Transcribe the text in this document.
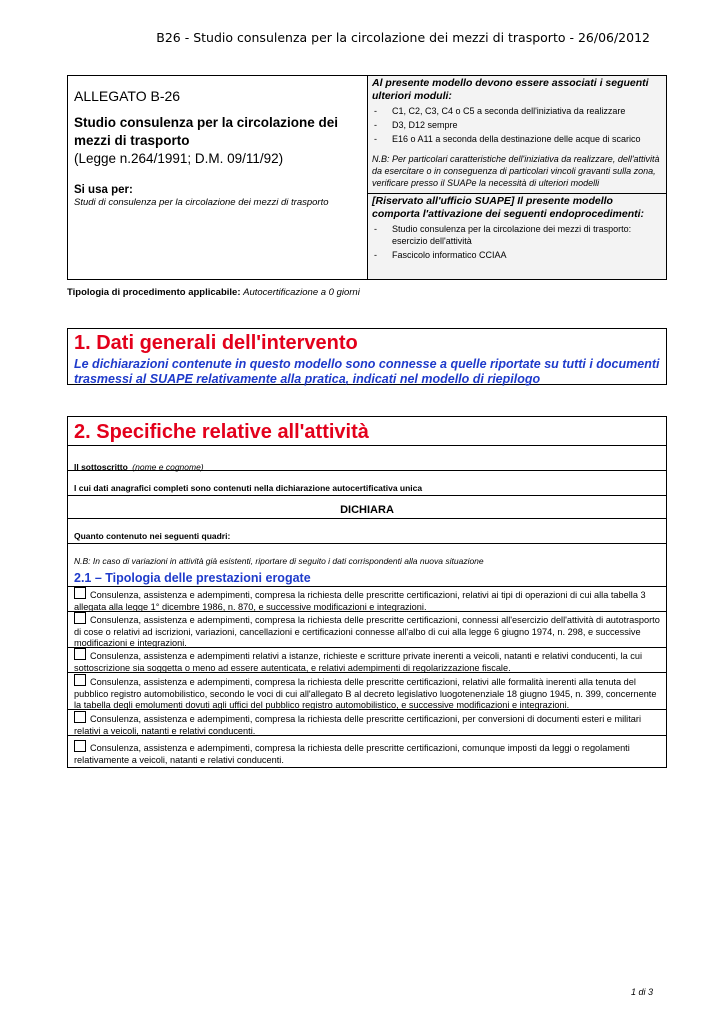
B26 - Studio consulenza per la circolazione dei mezzi di trasporto - 26/06/2012
ALLEGATO B-26
Studio consulenza per la circolazione dei mezzi di trasporto
(Legge n.264/1991; D.M. 09/11/92)
Si usa per:
Studi di consulenza per la circolazione dei mezzi di trasporto
Al presente modello devono essere associati i seguenti ulteriori moduli:
- C1, C2, C3, C4 o C5 a seconda dell'iniziativa da realizzare
- D3, D12 sempre
- E16 o A11 a seconda della destinazione delle acque di scarico
N.B: Per particolari caratteristiche dell'iniziativa da realizzare, dell'attività da esercitare o in conseguenza di particolari vincoli gravanti sulla zona, verificare presso il SUAPe la necessità di ulteriori modelli
[Riservato all'ufficio SUAPE] Il presente modello comporta l'attivazione dei seguenti endoprocedimenti:
- Studio consulenza per la circolazione dei mezzi di trasporto: esercizio dell'attività
- Fascicolo informatico CCIAA
Tipologia di procedimento applicabile: Autocertificazione a 0 giorni
1. Dati generali dell'intervento
Le dichiarazioni contenute in questo modello sono connesse a quelle riportate su tutti i documenti trasmessi al SUAPE relativamente alla pratica, indicati nel modello di riepilogo
2. Specifiche relative all'attività
Il sottoscritto (nome e cognome)
I cui dati anagrafici completi sono contenuti nella dichiarazione autocertificativa unica
DICHIARA
Quanto contenuto nei seguenti quadri:
N.B: In caso di variazioni in attività già esistenti, riportare di seguito i dati corrispondenti alla nuova situazione
2.1 – Tipologia delle prestazioni erogate
Consulenza, assistenza e adempimenti, compresa la richiesta delle prescritte certificazioni, relativi ai tipi di operazioni di cui alla tabella 3 allegata alla legge 1° dicembre 1986, n. 870, e successive modificazioni e integrazioni.
Consulenza, assistenza e adempimenti, compresa la richiesta delle prescritte certificazioni, connessi all'esercizio dell'attività di autotrasporto di cose o relativi ad iscrizioni, variazioni, cancellazioni e certificazioni connesse all'albo di cui alla legge 6 giugno 1974, n. 298, e successive modificazioni e integrazioni.
Consulenza, assistenza e adempimenti relativi a istanze, richieste e scritture private inerenti a veicoli, natanti e relativi conducenti, la cui sottoscrizione sia soggetta o meno ad essere autenticata, e relativi adempimenti di regolarizzazione fiscale.
Consulenza, assistenza e adempimenti, compresa la richiesta delle prescritte certificazioni, relativi alle formalità inerenti alla tenuta del pubblico registro automobilistico, secondo le voci di cui all'allegato B al decreto legislativo luogotenenziale 18 giugno 1945, n. 399, concernente la tabella degli emolumenti dovuti agli uffici del pubblico registro automobilistico, e successive modificazioni e integrazioni.
Consulenza, assistenza e adempimenti, compresa la richiesta delle prescritte certificazioni, per conversioni di documenti esteri e militari relativi a veicoli, natanti e relativi conducenti.
Consulenza, assistenza e adempimenti, compresa la richiesta delle prescritte certificazioni, comunque imposti da leggi o regolamenti relativamente a veicoli, natanti e relativi conducenti.
1 di 3
